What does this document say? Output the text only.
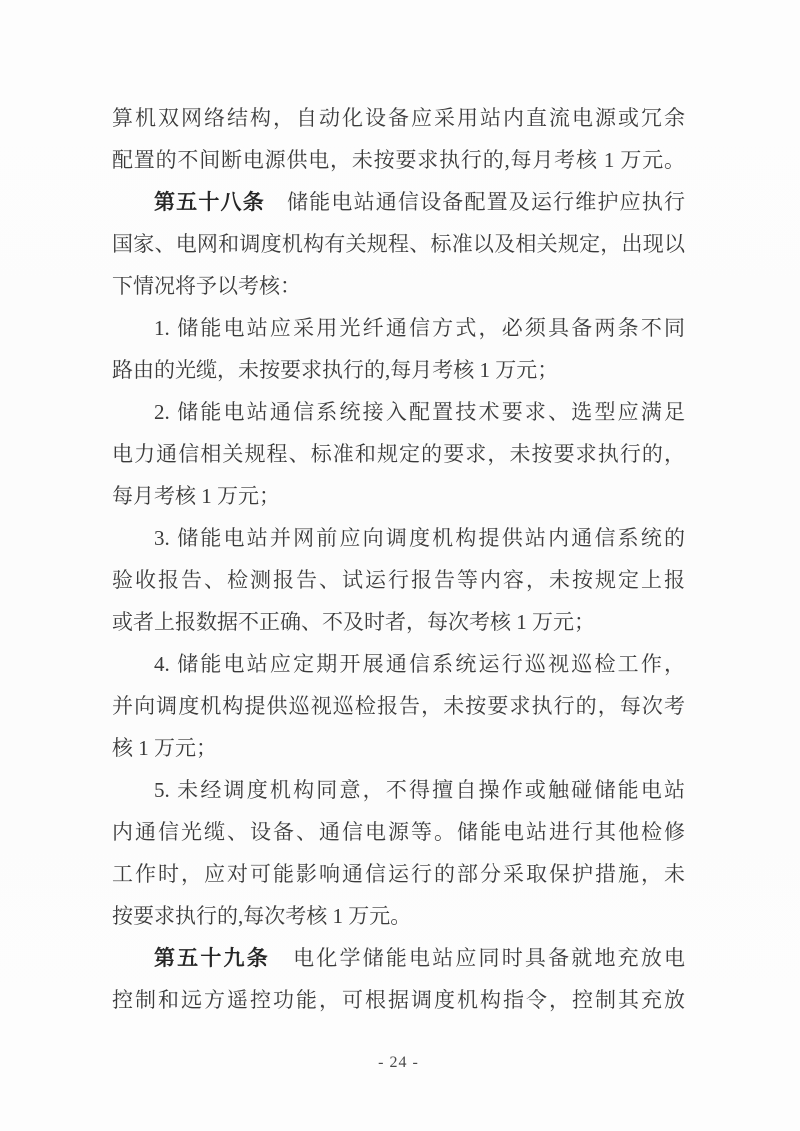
算机双网络结构，自动化设备应采用站内直流电源或冗余
配置的不间断电源供电，未按要求执行的,每月考核 1 万元。
第五十八条　储能电站通信设备配置及运行维护应执行
国家、电网和调度机构有关规程、标准以及相关规定，出现以
下情况将予以考核：
1. 储能电站应采用光纤通信方式，必须具备两条不同
路由的光缆，未按要求执行的,每月考核 1 万元；
2. 储能电站通信系统接入配置技术要求、选型应满足
电力通信相关规程、标准和规定的要求，未按要求执行的，
每月考核 1 万元；
3. 储能电站并网前应向调度机构提供站内通信系统的
验收报告、检测报告、试运行报告等内容，未按规定上报
或者上报数据不正确、不及时者，每次考核 1 万元；
4. 储能电站应定期开展通信系统运行巡视巡检工作，
并向调度机构提供巡视巡检报告，未按要求执行的，每次考
核 1 万元；
5. 未经调度机构同意，不得擅自操作或触碰储能电站
内通信光缆、设备、通信电源等。储能电站进行其他检修
工作时，应对可能影响通信运行的部分采取保护措施，未
按要求执行的,每次考核 1 万元。
第五十九条　电化学储能电站应同时具备就地充放电
控制和远方遥控功能，可根据调度机构指令，控制其充放
- 24 -
